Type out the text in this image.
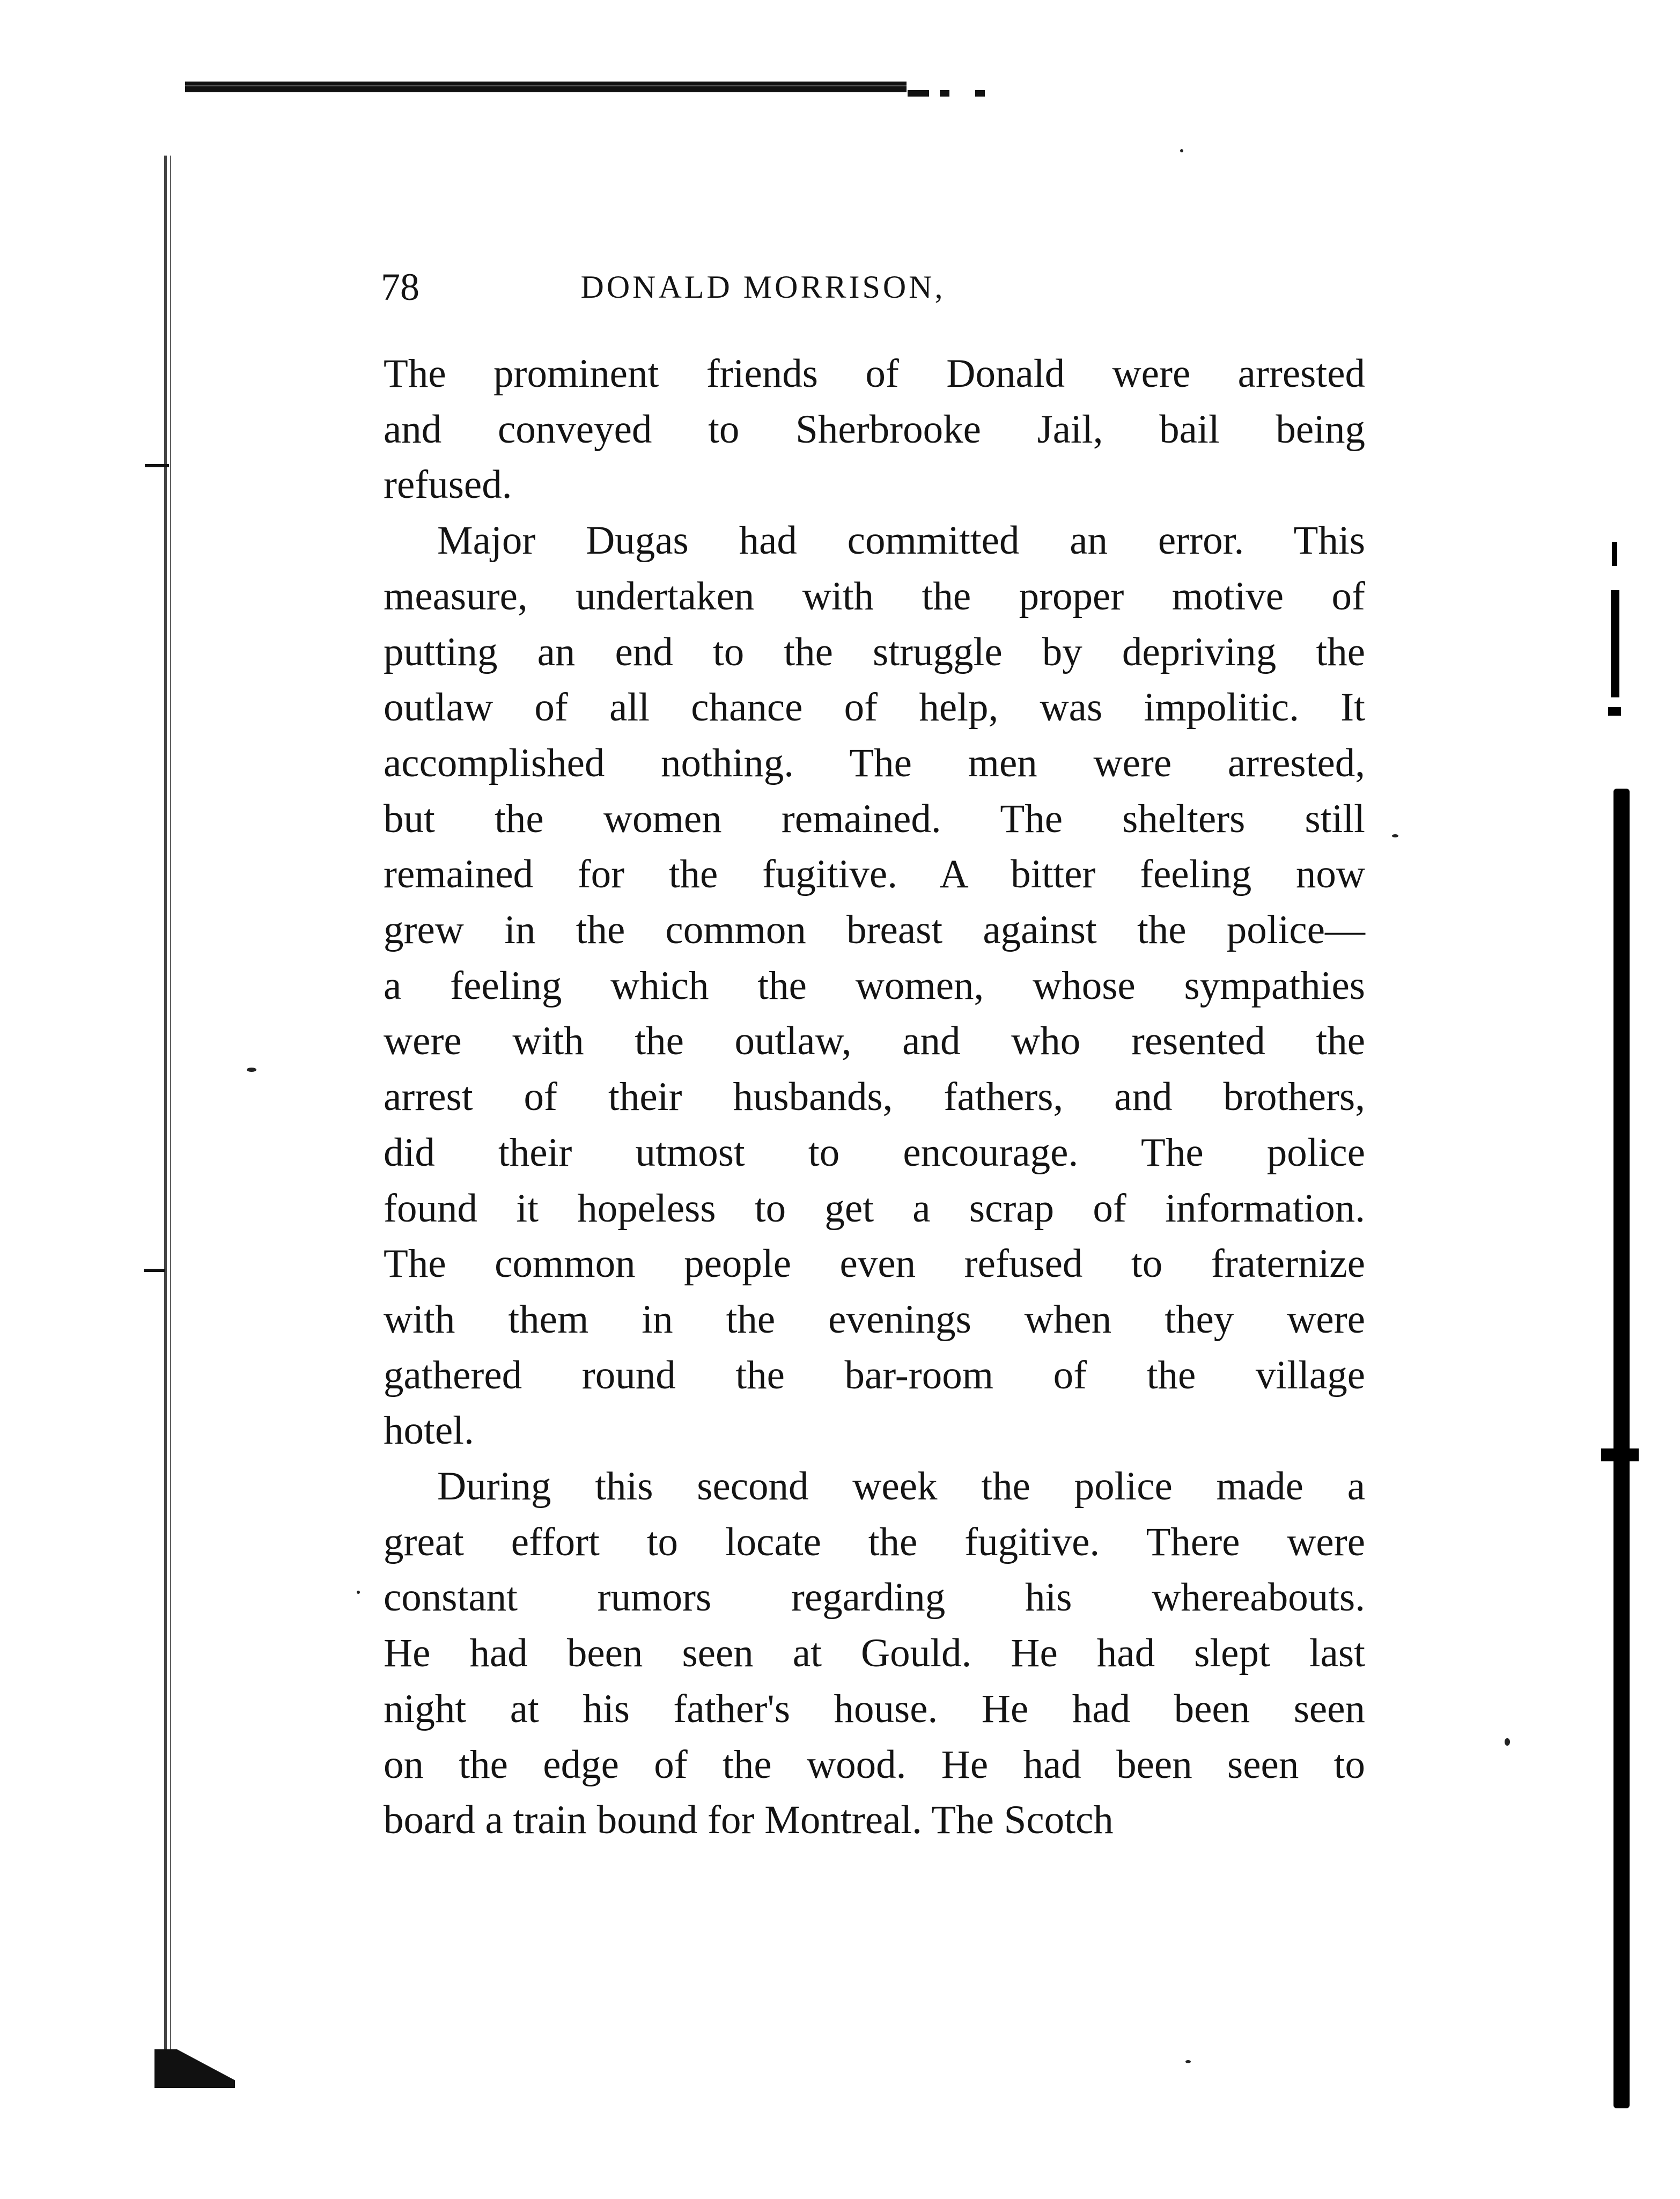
78	DONALD MORRISON,

The prominent friends of Donald were arrested
and conveyed to Sherbrooke Jail, bail being
refused.

Major Dugas had committed an error. This
measure, undertaken with the proper motive of
putting an end to the struggle by depriving the
outlaw of all chance of help, was impolitic. It
accomplished nothing. The men were arrested,
but the women remained. The shelters still
remained for the fugitive. A bitter feeling now
grew in the common breast against the police—
a feeling which the women, whose sympathies
were with the outlaw, and who resented the
arrest of their husbands, fathers, and brothers,
did their utmost to encourage. The police
found it hopeless to get a scrap of information.
The common people even refused to fraternize
with them in the evenings when they were
gathered round the bar-room of the village
hotel.

During this second week the police made a
great effort to locate the fugitive. There were
constant rumors regarding his whereabouts.
He had been seen at Gould. He had slept last
night at his father's house. He had been seen
on the edge of the wood. He had been seen to
board a train bound for Montreal. The Scotch
